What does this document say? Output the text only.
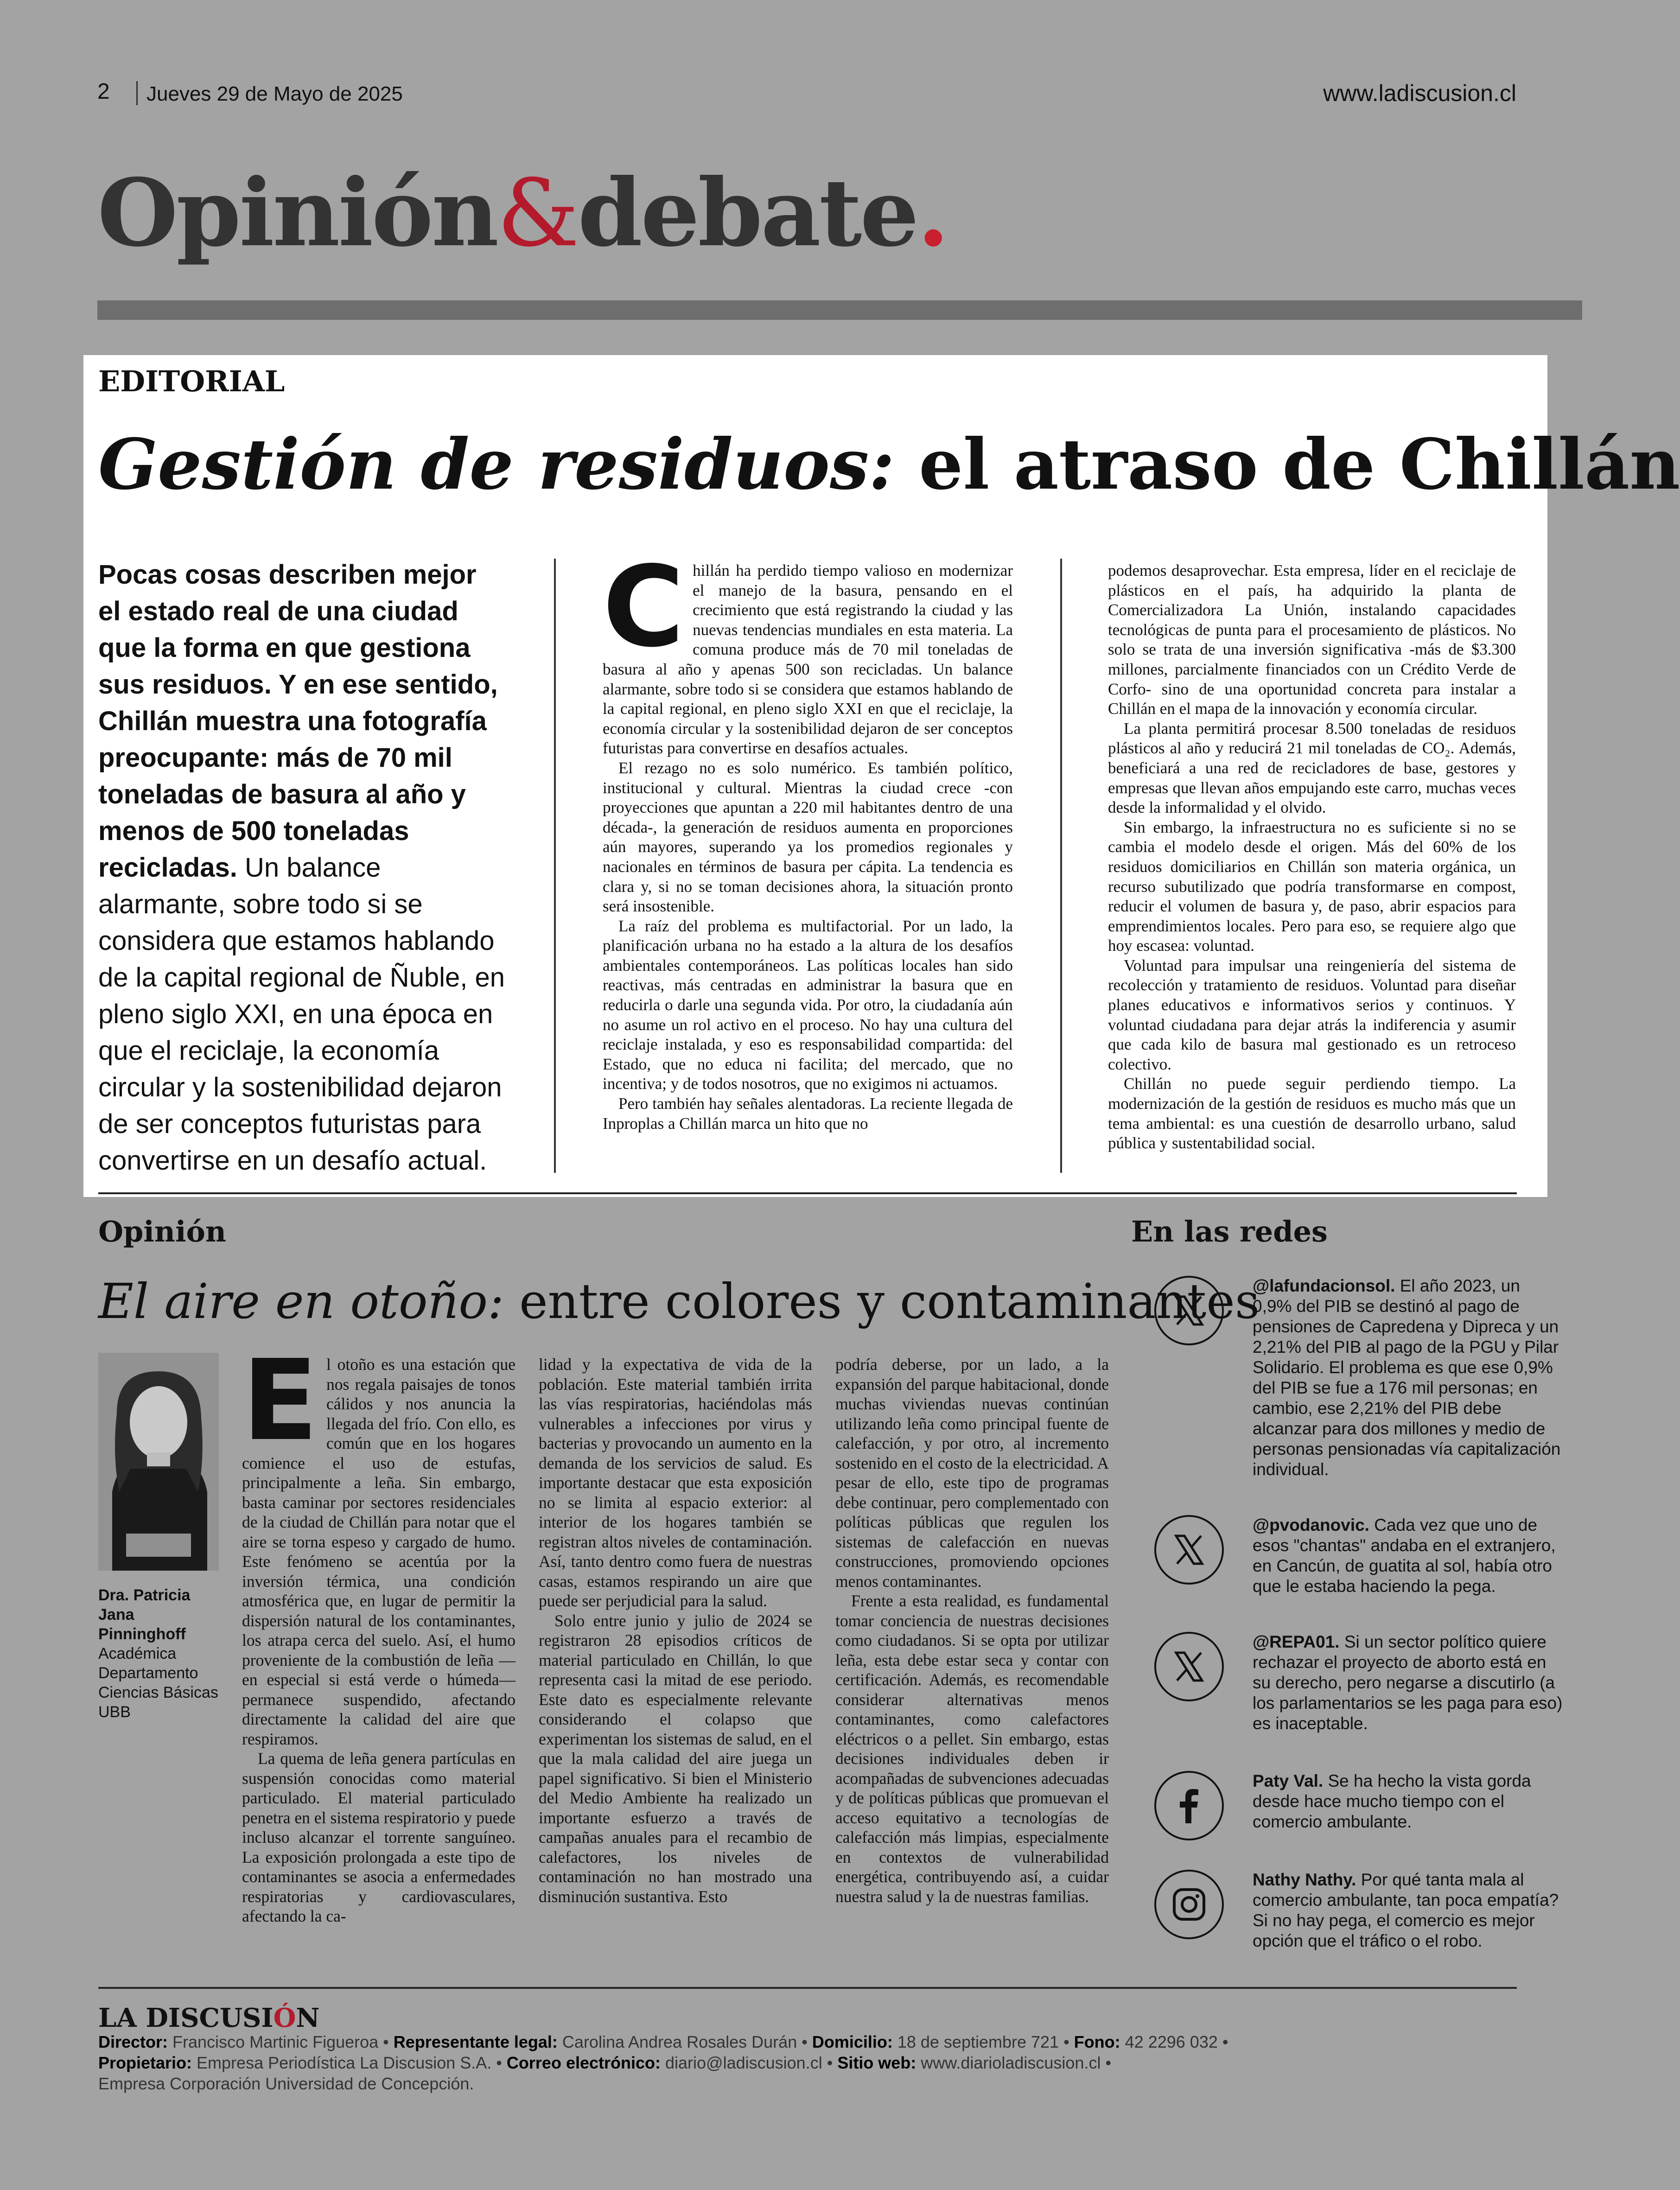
2 Jueves 29 de Mayo de 2025	www.ladiscusion.cl
Opinión&debate.
EDITORIAL
Gestión de residuos: el atraso de Chillán
Pocas cosas describen mejor el estado real de una ciudad que la forma en que gestiona sus residuos. Y en ese sentido, Chillán muestra una fotografía preocupante: más de 70 mil toneladas de basura al año y menos de 500 toneladas recicladas. Un balance alarmante, sobre todo si se considera que estamos hablando de la capital regional de Ñuble, en pleno siglo XXI, en una época en que el reciclaje, la economía circular y la sostenibilidad dejaron de ser conceptos futuristas para convertirse en un desafío actual.
C hillán ha perdido tiempo valioso en modernizar el manejo de la basura, pensando en el crecimiento que está registrando la ciudad y las nuevas tendencias mundiales en esta materia. La comuna produce más de 70 mil toneladas de basura al año y apenas 500 son recicladas. Un balance alarmante, sobre todo si se considera que estamos hablando de la capital regional, en pleno siglo XXI en que el reciclaje, la economía circular y la sostenibilidad dejaron de ser conceptos futuristas para convertirse en desafíos actuales.

El rezago no es solo numérico. Es también político, institucional y cultural. Mientras la ciudad crece -con proyecciones que apuntan a 220 mil habitantes dentro de una década-, la generación de residuos aumenta en proporciones aún mayores, superando ya los promedios regionales y nacionales en términos de basura per cápita. La tendencia es clara y, si no se toman decisiones ahora, la situación pronto será insostenible.

La raíz del problema es multifactorial. Por un lado, la planificación urbana no ha estado a la altura de los desafíos ambientales contemporáneos. Las políticas locales han sido reactivas, más centradas en administrar la basura que en reducirla o darle una segunda vida. Por otro, la ciudadanía aún no asume un rol activo en el proceso. No hay una cultura del reciclaje instalada, y eso es responsabilidad compartida: del Estado, que no educa ni facilita; del mercado, que no incentiva; y de todos nosotros, que no exigimos ni actuamos.

Pero también hay señales alentadoras. La reciente llegada de Inproplas a Chillán marca un hito que no

podemos desaprovechar. Esta empresa, líder en el reciclaje de plásticos en el país, ha adquirido la planta de Comercializadora La Unión, instalando capacidades tecnológicas de punta para el procesamiento de plásticos. No solo se trata de una inversión significativa -más de $3.300 millones, parcialmente financiados con un Crédito Verde de Corfo- sino de una oportunidad concreta para instalar a Chillán en el mapa de la innovación y economía circular.

La planta permitirá procesar 8.500 toneladas de residuos plásticos al año y reducirá 21 mil toneladas de CO₂. Además, beneficiará a una red de recicladores de base, gestores y empresas que llevan años empujando este carro, muchas veces desde la informalidad y el olvido.

Sin embargo, la infraestructura no es suficiente si no se cambia el modelo desde el origen. Más del 60% de los residuos domiciliarios en Chillán son materia orgánica, un recurso subutilizado que podría transformarse en compost, reducir el volumen de basura y, de paso, abrir espacios para emprendimientos locales. Pero para eso, se requiere algo que hoy escasea: voluntad.

Voluntad para impulsar una reingeniería del sistema de recolección y tratamiento de residuos. Voluntad para diseñar planes educativos e informativos serios y continuos. Y voluntad ciudadana para dejar atrás la indiferencia y asumir que cada kilo de basura mal gestionado es un retroceso colectivo.

Chillán no puede seguir perdiendo tiempo. La modernización de la gestión de residuos es mucho más que un tema ambiental: es una cuestión de desarrollo urbano, salud pública y sustentabilidad social.

Opinión
El aire en otoño: entre colores y contaminantes
Dra. Patricia Jana Pinninghoff
Académica Departamento Ciencias Básicas UBB
E l otoño es una estación que nos regala paisajes de tonos cálidos y nos anuncia la llegada del frío. Con ello, es común que en los hogares comience el uso de estufas, principalmente a leña. Sin embargo, basta caminar por sectores residenciales de la ciudad de Chillán para notar que el aire se torna espeso y cargado de humo. Este fenómeno se acentúa por la inversión térmica, una condición atmosférica que, en lugar de permitir la dispersión natural de los contaminantes, los atrapa cerca del suelo. Así, el humo proveniente de la combustión de leña —en especial si está verde o húmeda— permanece suspendido, afectando directamente la calidad del aire que respiramos.

La quema de leña genera partículas en suspensión conocidas como material particulado. El material particulado penetra en el sistema respiratorio y puede incluso alcanzar el torrente sanguíneo. La exposición prolongada a este tipo de contaminantes se asocia a enfermedades respiratorias y cardiovasculares, afectando la ca-

lidad y la expectativa de vida de la población. Este material también irrita las vías respiratorias, haciéndolas más vulnerables a infecciones por virus y bacterias y provocando un aumento en la demanda de los servicios de salud. Es importante destacar que esta exposición no se limita al espacio exterior: al interior de los hogares también se registran altos niveles de contaminación. Así, tanto dentro como fuera de nuestras casas, estamos respirando un aire que puede ser perjudicial para la salud.

Solo entre junio y julio de 2024 se registraron 28 episodios críticos de material particulado en Chillán, lo que representa casi la mitad de ese periodo. Este dato es especialmente relevante considerando el colapso que experimentan los sistemas de salud, en el que la mala calidad del aire juega un papel significativo. Si bien el Ministerio del Medio Ambiente ha realizado un importante esfuerzo a través de campañas anuales para el recambio de calefactores, los niveles de contaminación no han mostrado una disminución sustantiva. Esto

podría deberse, por un lado, a la expansión del parque habitacional, donde muchas viviendas nuevas continúan utilizando leña como principal fuente de calefacción, y por otro, al incremento sostenido en el costo de la electricidad. A pesar de ello, este tipo de programas debe continuar, pero complementado con políticas públicas que regulen los sistemas de calefacción en nuevas construcciones, promoviendo opciones menos contaminantes.

Frente a esta realidad, es fundamental tomar conciencia de nuestras decisiones como ciudadanos. Si se opta por utilizar leña, esta debe estar seca y contar con certificación. Además, es recomendable considerar alternativas menos contaminantes, como calefactores eléctricos o a pellet. Sin embargo, estas decisiones individuales deben ir acompañadas de subvenciones adecuadas y de políticas públicas que promuevan el acceso equitativo a tecnologías de calefacción más limpias, especialmente en contextos de vulnerabilidad energética, contribuyendo así, a cuidar nuestra salud y la de nuestras familias.

En las redes
@lafundacionsol. El año 2023, un 0,9% del PIB se destinó al pago de pensiones de Capredena y Dipreca y un 2,21% del PIB al pago de la PGU y Pilar Solidario. El problema es que ese 0,9% del PIB se fue a 176 mil personas; en cambio, ese 2,21% del PIB debe alcanzar para dos millones y medio de personas pensionadas vía capitalización individual.
@pvodanovic. Cada vez que uno de esos "chantas" andaba en el extranjero, en Cancún, de guatita al sol, había otro que le estaba haciendo la pega.
@REPA01. Si un sector político quiere rechazar el proyecto de aborto está en su derecho, pero negarse a discutirlo (a los parlamentarios se les paga para eso) es inaceptable.
Paty Val. Se ha hecho la vista gorda desde hace mucho tiempo con el comercio ambulante.
Nathy Nathy. Por qué tanta mala al comercio ambulante, tan poca empatía? Si no hay pega, el comercio es mejor opción que el tráfico o el robo.
LA DISCUSIÓN
Director: Francisco Martinic Figueroa • Representante legal: Carolina Andrea Rosales Durán • Domicilio: 18 de septiembre 721 • Fono: 42 2296 032 •
Propietario: Empresa Periodística La Discusion S.A. • Correo electrónico: diario@ladiscusion.cl • Sitio web: www.diarioladiscusion.cl •
Empresa Corporación Universidad de Concepción.
